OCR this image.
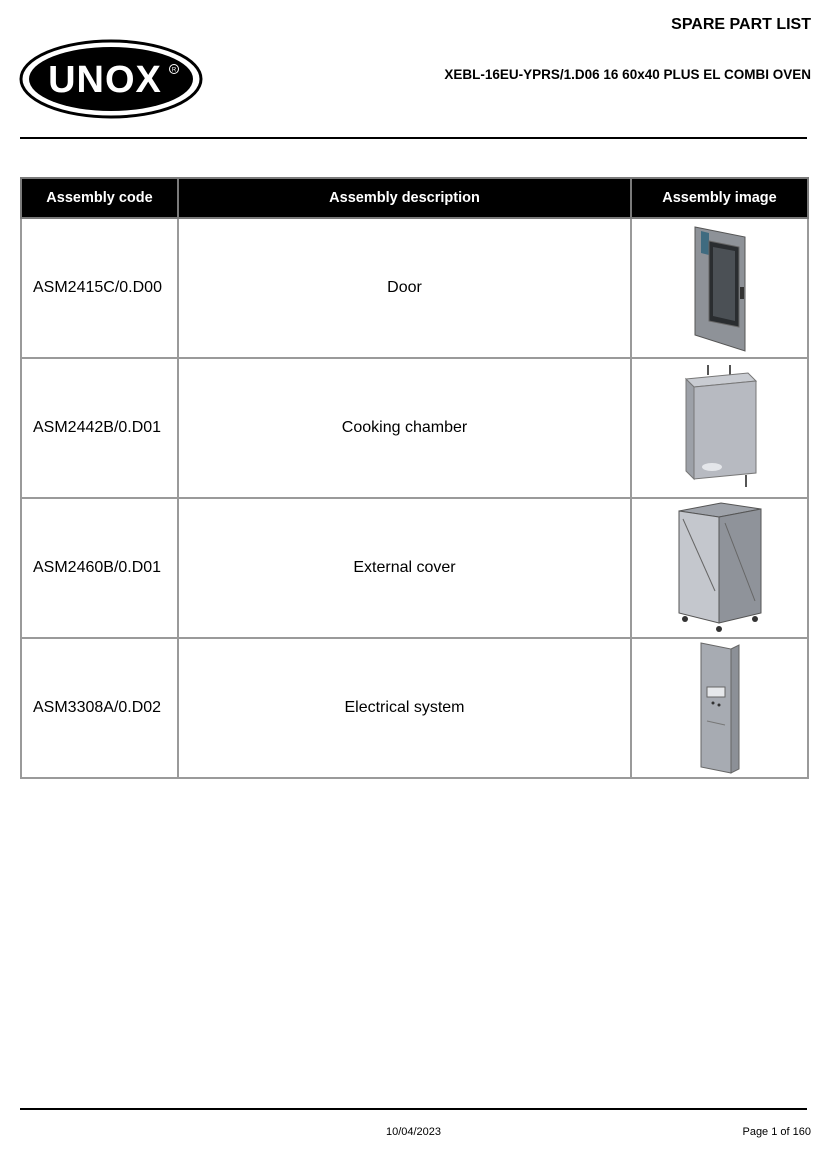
UNOX R
SPARE PART LIST
XEBL-16EU-YPRS/1.D06 16 60x40 PLUS EL COMBI OVEN
Assembly code	Assembly description	Assembly image
ASM2415C/0.D00	Door	

ASM2442B/0.D01	Cooking chamber	

ASM2460B/0.D01	External cover	

ASM3308A/0.D02	Electrical system	
10/04/2023	Page 1 of 160
